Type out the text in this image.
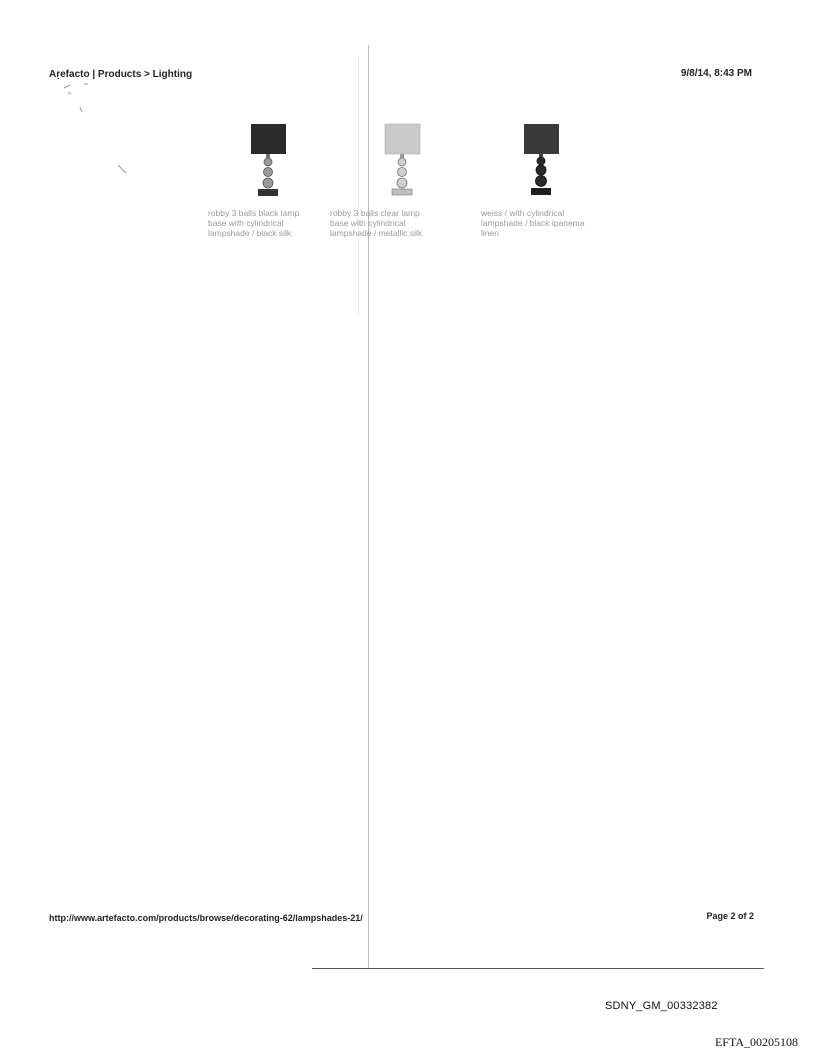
Aṛefacto | Products > Lighting	9/8/14, 8:43 PM
robby 3 balls black lamp base with cylindrical lampshade / black silk
robby 3 balls clear lamp base with cylindrical lampshade / metallic silk
weiss / with cylindrical lampshade / black ipanema linen
http://www.artefacto.com/products/browse/decorating-62/lampshades-21/	Page 2 of 2
SDNY_GM_00332382
EFTA_00205108
